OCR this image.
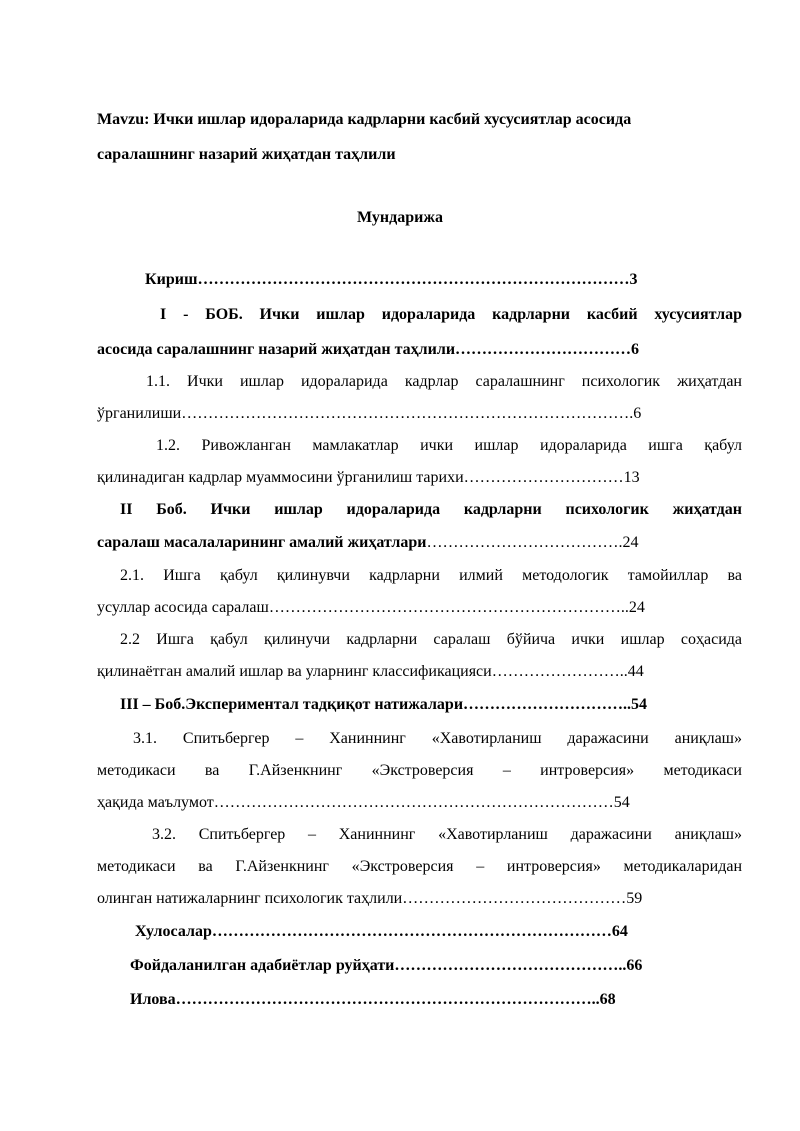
Mavzu: Ички ишлар идораларида кадрларни касбий хусусиятлар асосида
саралашнинг назарий жиҳатдан таҳлили
Мундарижа
Кириш………………………………………………………………………3
I - БОБ. Ички ишлар идораларида кадрларни касбий хусусиятлар
асосида саралашнинг назарий жиҳатдан таҳлили……………………………6
1.1. Ички ишлар идораларида кадрлар саралашнинг психологик жиҳатдан
ўрганилиши………………………………………………………………………….6
1.2. Ривожланган мамлакатлар ички ишлар идораларида ишга қабул
қилинадиган кадрлар муаммосини ўрганилиш тарихи…………………………13
II Боб. Ички ишлар идораларида кадрларни психологик жиҳатдан
саралаш масалаларининг амалий жиҳатлари……………………………….24
2.1. Ишга қабул қилинувчи кадрларни илмий методологик тамойиллар ва
усуллар асосида саралаш…………………………………………………………..24
2.2 Ишга қабул қилинучи кадрларни саралаш бўйича ички ишлар соҳасида
қилинаётган амалий ишлар ва уларнинг классификацияси……………………..44
III – Боб.Экспериментал тадқиқот натижалари…………………………..54
3.1. Спитьбергер – Ханиннинг «Хавотирланиш даражасини аниқлаш»
методикаси ва Г.Айзенкнинг «Экстроверсия – интроверсия» методикаси
ҳақида маълумот…………………………………………………………………54
3.2. Спитьбергер – Ханиннинг «Хавотирланиш даражасини аниқлаш»
методикаси ва Г.Айзенкнинг «Экстроверсия – интроверсия» методикаларидан
олинган натижаларнинг психологик таҳлили……………………………………59
Хулосалар…………………………………………………………………64
Фойдаланилган адабиётлар руйҳати……………………………………..66
Илова……………………………………………………………………..68
